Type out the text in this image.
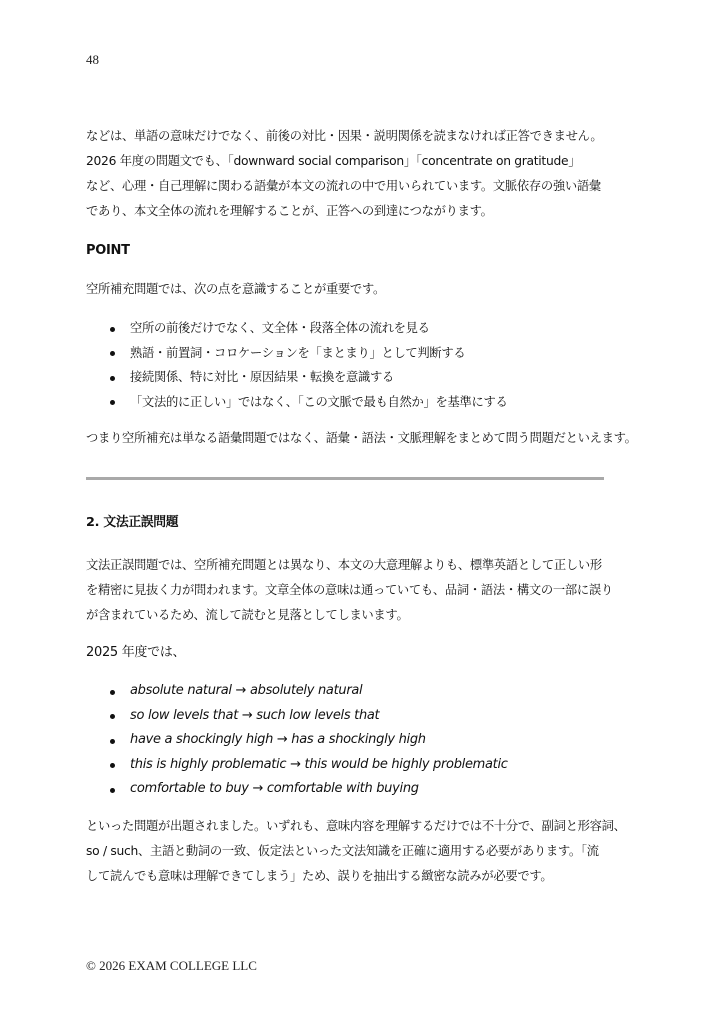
48

などは、単語の意味だけでなく、前後の対比・因果・説明関係を読まなければ正答できません。

2026 年度の問題文でも、「downward social comparison」「concentrate on gratitude」

など、心理・自己理解に関わる語彙が本文の流れの中で用いられています。文脈依存の強い語彙

であり、本文全体の流れを理解することが、正答への到達につながります。

POINT

空所補充問題では、次の点を意識することが重要です。

空所の前後だけでなく、文全体・段落全体の流れを見る
熟語・前置詞・コロケーションを「まとまり」として判断する
接続関係、特に対比・原因結果・転換を意識する
「文法的に正しい」ではなく、「この文脈で最も自然か」を基準にする

つまり空所補充は単なる語彙問題ではなく、語彙・語法・文脈理解をまとめて問う問題だといえます。

2. 文法正誤問題

文法正誤問題では、空所補充問題とは異なり、本文の大意理解よりも、標準英語として正しい形

を精密に見抜く力が問われます。文章全体の意味は通っていても、品詞・語法・構文の一部に誤り

が含まれているため、流して読むと見落としてしまいます。

2025 年度では、

absolute natural → absolutely natural
so low levels that → such low levels that
have a shockingly high → has a shockingly high
this is highly problematic → this would be highly problematic
comfortable to buy → comfortable with buying

といった問題が出題されました。いずれも、意味内容を理解するだけでは不十分で、副詞と形容詞、

so / such、主語と動詞の一致、仮定法といった文法知識を正確に適用する必要があります。「流

して読んでも意味は理解できてしまう」ため、誤りを抽出する緻密な読みが必要です。

© 2026 EXAM COLLEGE LLC
